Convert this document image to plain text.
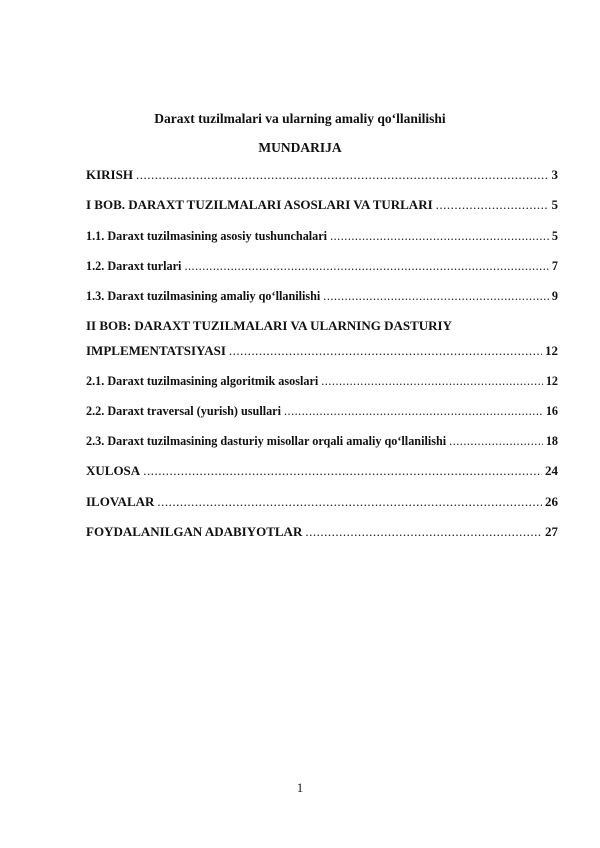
Daraxt tuzilmalari va ularning amaliy qo‘llanilishi
MUNDARIJA
KIRISH .....	3
I BOB. DARAXT TUZILMALARI ASOSLARI VA TURLARI .....	5
1.1. Daraxt tuzilmasining asosiy tushunchalari .....	5
1.2. Daraxt turlari .....	7
1.3. Daraxt tuzilmasining amaliy qo‘llanilishi .....	9
II BOB: DARAXT TUZILMALARI VA ULARNING DASTURIY
IMPLEMENTATSIYASI .....	12
2.1. Daraxt tuzilmasining algoritmik asoslari .....	12
2.2. Daraxt traversal (yurish) usullari .....	16
2.3. Daraxt tuzilmasining dasturiy misollar orqali amaliy qo‘llanilishi .....	18
XULOSA .....	24
ILOVALAR .....	26
FOYDALANILGAN ADABIYOTLAR .....	27
1
